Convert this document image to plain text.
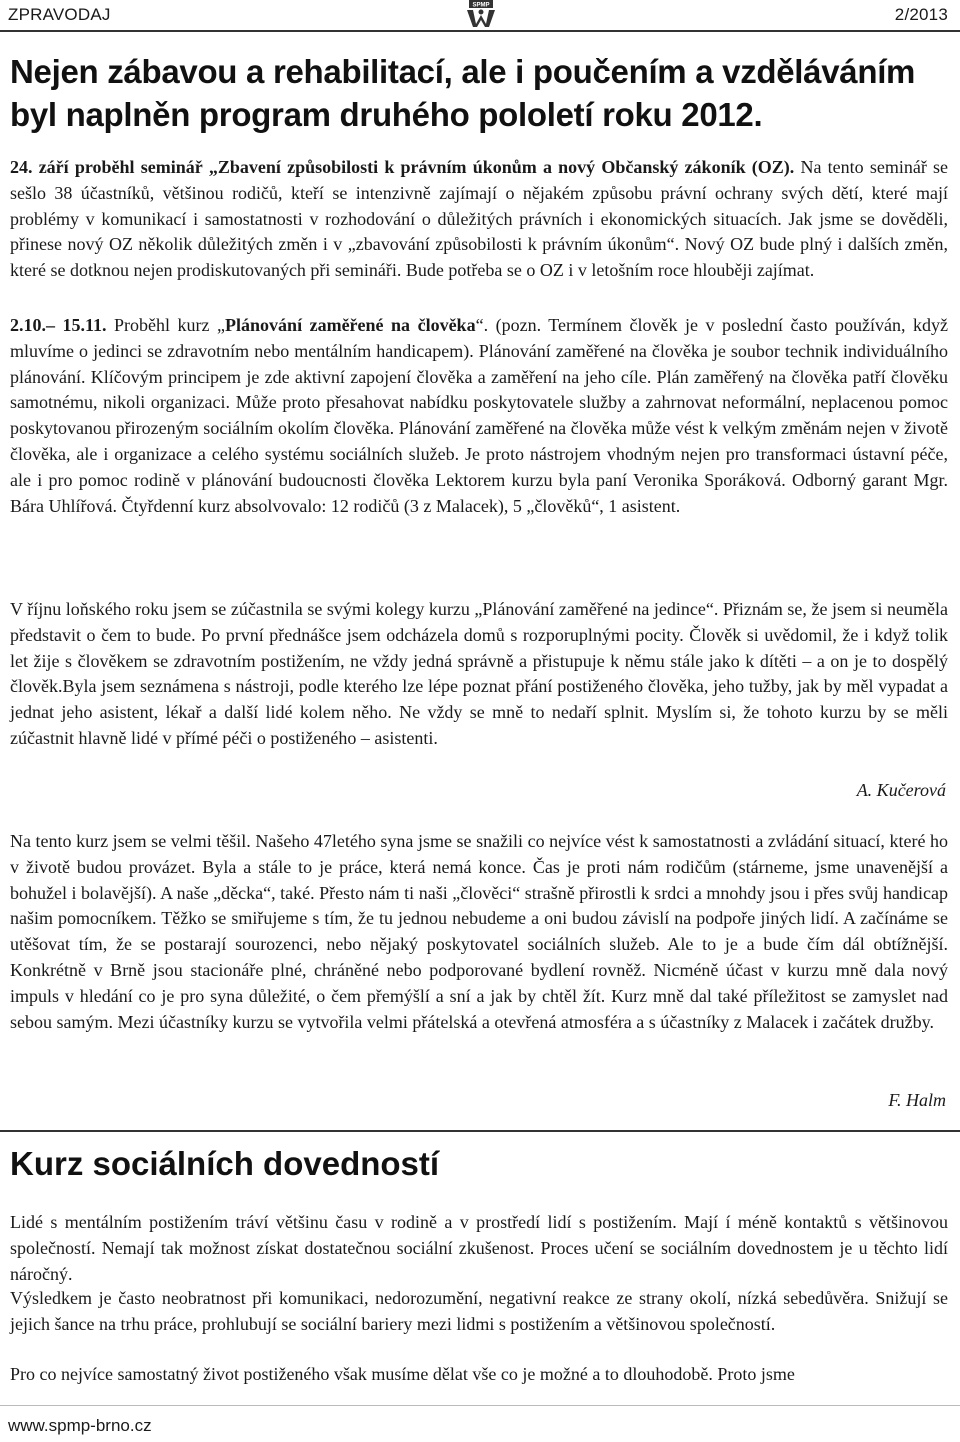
ZPRAVODAJ	SPMP	2/2013
Nejen zábavou a rehabilitací, ale i poučením a vzděláváním byl naplněn program druhého pololetí roku 2012.

24. září proběhl seminář „Zbavení způsobilosti k právním úkonům a nový Občanský zákoník (OZ). Na tento seminář se sešlo 38 účastníků, většinou rodičů, kteří se intenzivně zajímají o nějakém způsobu právní ochrany svých dětí, které mají problémy v komunikací i samostatnosti v rozhodování o důležitých právních i ekonomických situacích. Jak jsme se dověděli, přinese nový OZ několik důležitých změn i v „zbavování způsobilosti k právním úkonům“. Nový OZ bude plný i dalších změn, které se dotknou nejen prodiskutovaných při semináři. Bude potřeba se o OZ i v letošním roce hlouběji zajímat.

2.10.– 15.11. Proběhl kurz „Plánování zaměřené na člověka“. (pozn. Termínem člověk je v poslední často používán, když mluvíme o jedinci se zdravotním nebo mentálním handicapem). Plánování zaměřené na člověka je soubor technik individuálního plánování. Klíčovým principem je zde aktivní zapojení člověka a zaměření na jeho cíle. Plán zaměřený na člověka patří člověku samotnému, nikoli organizaci. Může proto přesahovat nabídku poskytovatele služby a zahrnovat neformální, neplacenou pomoc poskytovanou přirozeným sociálním okolím člověka. Plánování zaměřené na člověka může vést k velkým změnám nejen v životě člověka, ale i organizace a celého systému sociálních služeb. Je proto nástrojem vhodným nejen pro transformaci ústavní péče, ale i pro pomoc rodině v plánování budoucnosti člověka Lektorem kurzu byla paní Veronika Sporáková. Odborný garant Mgr. Bára Uhlířová. Čtyřdenní kurz absolvovalo: 12 rodičů (3 z Malacek), 5 „člověků“, 1 asistent.

V říjnu loňského roku jsem se zúčastnila se svými kolegy kurzu „Plánování zaměřené na jedince“. Přiznám se, že jsem si neuměla představit o čem to bude. Po první přednášce jsem odcházela domů s rozporuplnými pocity. Člověk si uvědomil, že i když tolik let žije s člověkem se zdravotním postižením, ne vždy jedná správně a přistupuje k němu stále jako k dítěti – a on je to dospělý člověk.Byla jsem seznámena s nástroji, podle kterého lze lépe poznat přání postiženého člověka, jeho tužby, jak by měl vypadat a jednat jeho asistent, lékař a další lidé kolem něho. Ne vždy se mně to nedaří splnit. Myslím si, že tohoto kurzu by se měli zúčastnit hlavně lidé v přímé péči o postiženého – asistenti.

A. Kučerová

Na tento kurz jsem se velmi těšil. Našeho 47letého syna jsme se snažili co nejvíce vést k samostatnosti a zvládání situací, které ho v životě budou provázet. Byla a stále to je práce, která nemá konce. Čas je proti nám rodičům (stárneme, jsme unavenější a bohužel i bolavější). A naše „děcka“, také. Přesto nám ti naši „člověci“ strašně přirostli k srdci a mnohdy jsou i přes svůj handicap našim pomocníkem. Těžko se smiřujeme s tím, že tu jednou nebudeme a oni budou závislí na podpoře jiných lidí. A začínáme se utěšovat tím, že se postarají sourozenci, nebo nějaký poskytovatel sociálních služeb. Ale to je a bude čím dál obtížnější. Konkrétně v Brně jsou stacionáře plné, chráněné nebo podporované bydlení rovněž. Nicméně účast v kurzu mně dala nový impuls v hledání co je pro syna důležité, o čem přemýšlí a sní a jak by chtěl žít. Kurz mně dal také příležitost se zamyslet nad sebou samým. Mezi účastníky kurzu se vytvořila velmi přátelská a otevřená atmosféra a s účastníky z Malacek i začátek družby.

F. Halm
Kurz sociálních dovedností

Lidé s mentálním postižením tráví většinu času v rodině a v prostředí lidí s postižením. Mají í méně kontaktů s většinovou společností. Nemají tak možnost získat dostatečnou sociální zkušenost. Proces učení se sociálním dovednostem je u těchto lidí náročný.

Výsledkem je často neobratnost při komunikaci, nedorozumění, negativní reakce ze strany okolí, nízká sebedůvěra. Snižují se jejich šance na trhu práce, prohlubují se sociální bariery mezi lidmi s postižením a většinovou společností.

Pro co nejvíce samostatný život postiženého však musíme dělat vše co je možné a to dlouhodobě. Proto jsme

www.spmp-brno.cz
